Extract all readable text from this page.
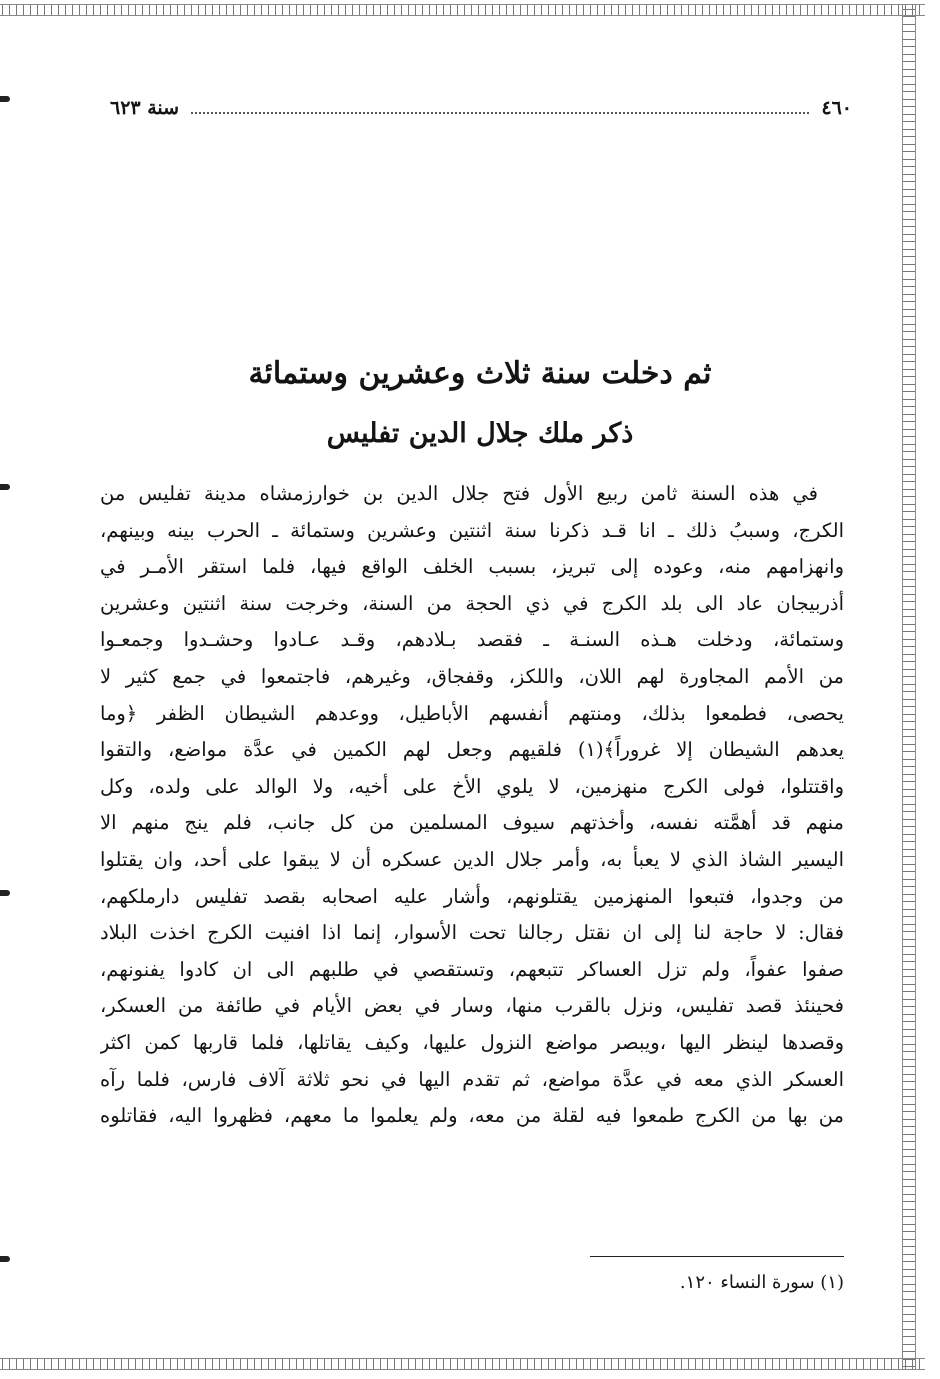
٤٦٠
سنة ٦٢٣
ثم دخلت سنة ثلاث وعشرين وستمائة
ذكر ملك جلال الدين تفليس
في هذه السنة ثامن ربيع الأول فتح جلال الدين بن خوارزمشاه مدينة تفليس من
الكرج، وسببُ ذلك ـ انا قـد ذكرنا سنة اثنتين وعشرين وستمائة ـ الحرب بينه وبينهم،
وانهزامهم منه، وعوده إلى تبريز، بسبب الخلف الواقع فيها، فلما استقر الأمـر في
أذربيجان عاد الى بلد الكرج في ذي الحجة من السنة، وخرجت سنة اثنتين وعشرين
وستمائة، ودخلت هـذه السنـة ـ فقصد بـلادهم، وقـد عـادوا وحشـدوا وجمعـوا
من الأمم المجاورة لهم اللان، واللكز، وقفجاق، وغيرهم، فاجتمعوا في جمع كثير لا
يحصى، فطمعوا بذلك، ومنتهم أنفسهم الأباطيل، ووعدهم الشيطان الظفر ﴿وما
يعدهم الشيطان إلا غروراً﴾(١) فلقيهم وجعل لهم الكمين في عدَّة مواضع، والتقوا
واقتتلوا، فولى الكرج منهزمين، لا يلوي الأخ على أخيه، ولا الوالد على ولده، وكل
منهم قد أهمَّته نفسه، وأخذتهم سيوف المسلمين من كل جانب، فلم ينج منهم الا
اليسير الشاذ الذي لا يعبأ به، وأمر جلال الدين عسكره أن لا يبقوا على أحد، وان يقتلوا
من وجدوا، فتبعوا المنهزمين يقتلونهم، وأشار عليه اصحابه بقصد تفليس دارملكهم،
فقال: لا حاجة لنا إلى ان نقتل رجالنا تحت الأسوار، إنما اذا افنيت الكرج اخذت البلاد
صفوا عفواً، ولم تزل العساكر تتبعهم، وتستقصي في طلبهم الى ان كادوا يفنونهم،
فحينئذ قصد تفليس، ونزل بالقرب منها، وسار في بعض الأيام في طائفة من العسكر،
وقصدها لينظر اليها ،ويبصر مواضع النزول عليها، وكيف يقاتلها، فلما قاربها كمن اكثر
العسكر الذي معه في عدَّة مواضع، ثم تقدم اليها في نحو ثلاثة آلاف فارس، فلما رآه
من بها من الكرج طمعوا فيه لقلة من معه، ولم يعلموا ما معهم، فظهروا اليه، فقاتلوه
(١) سورة النساء ١٢٠.
